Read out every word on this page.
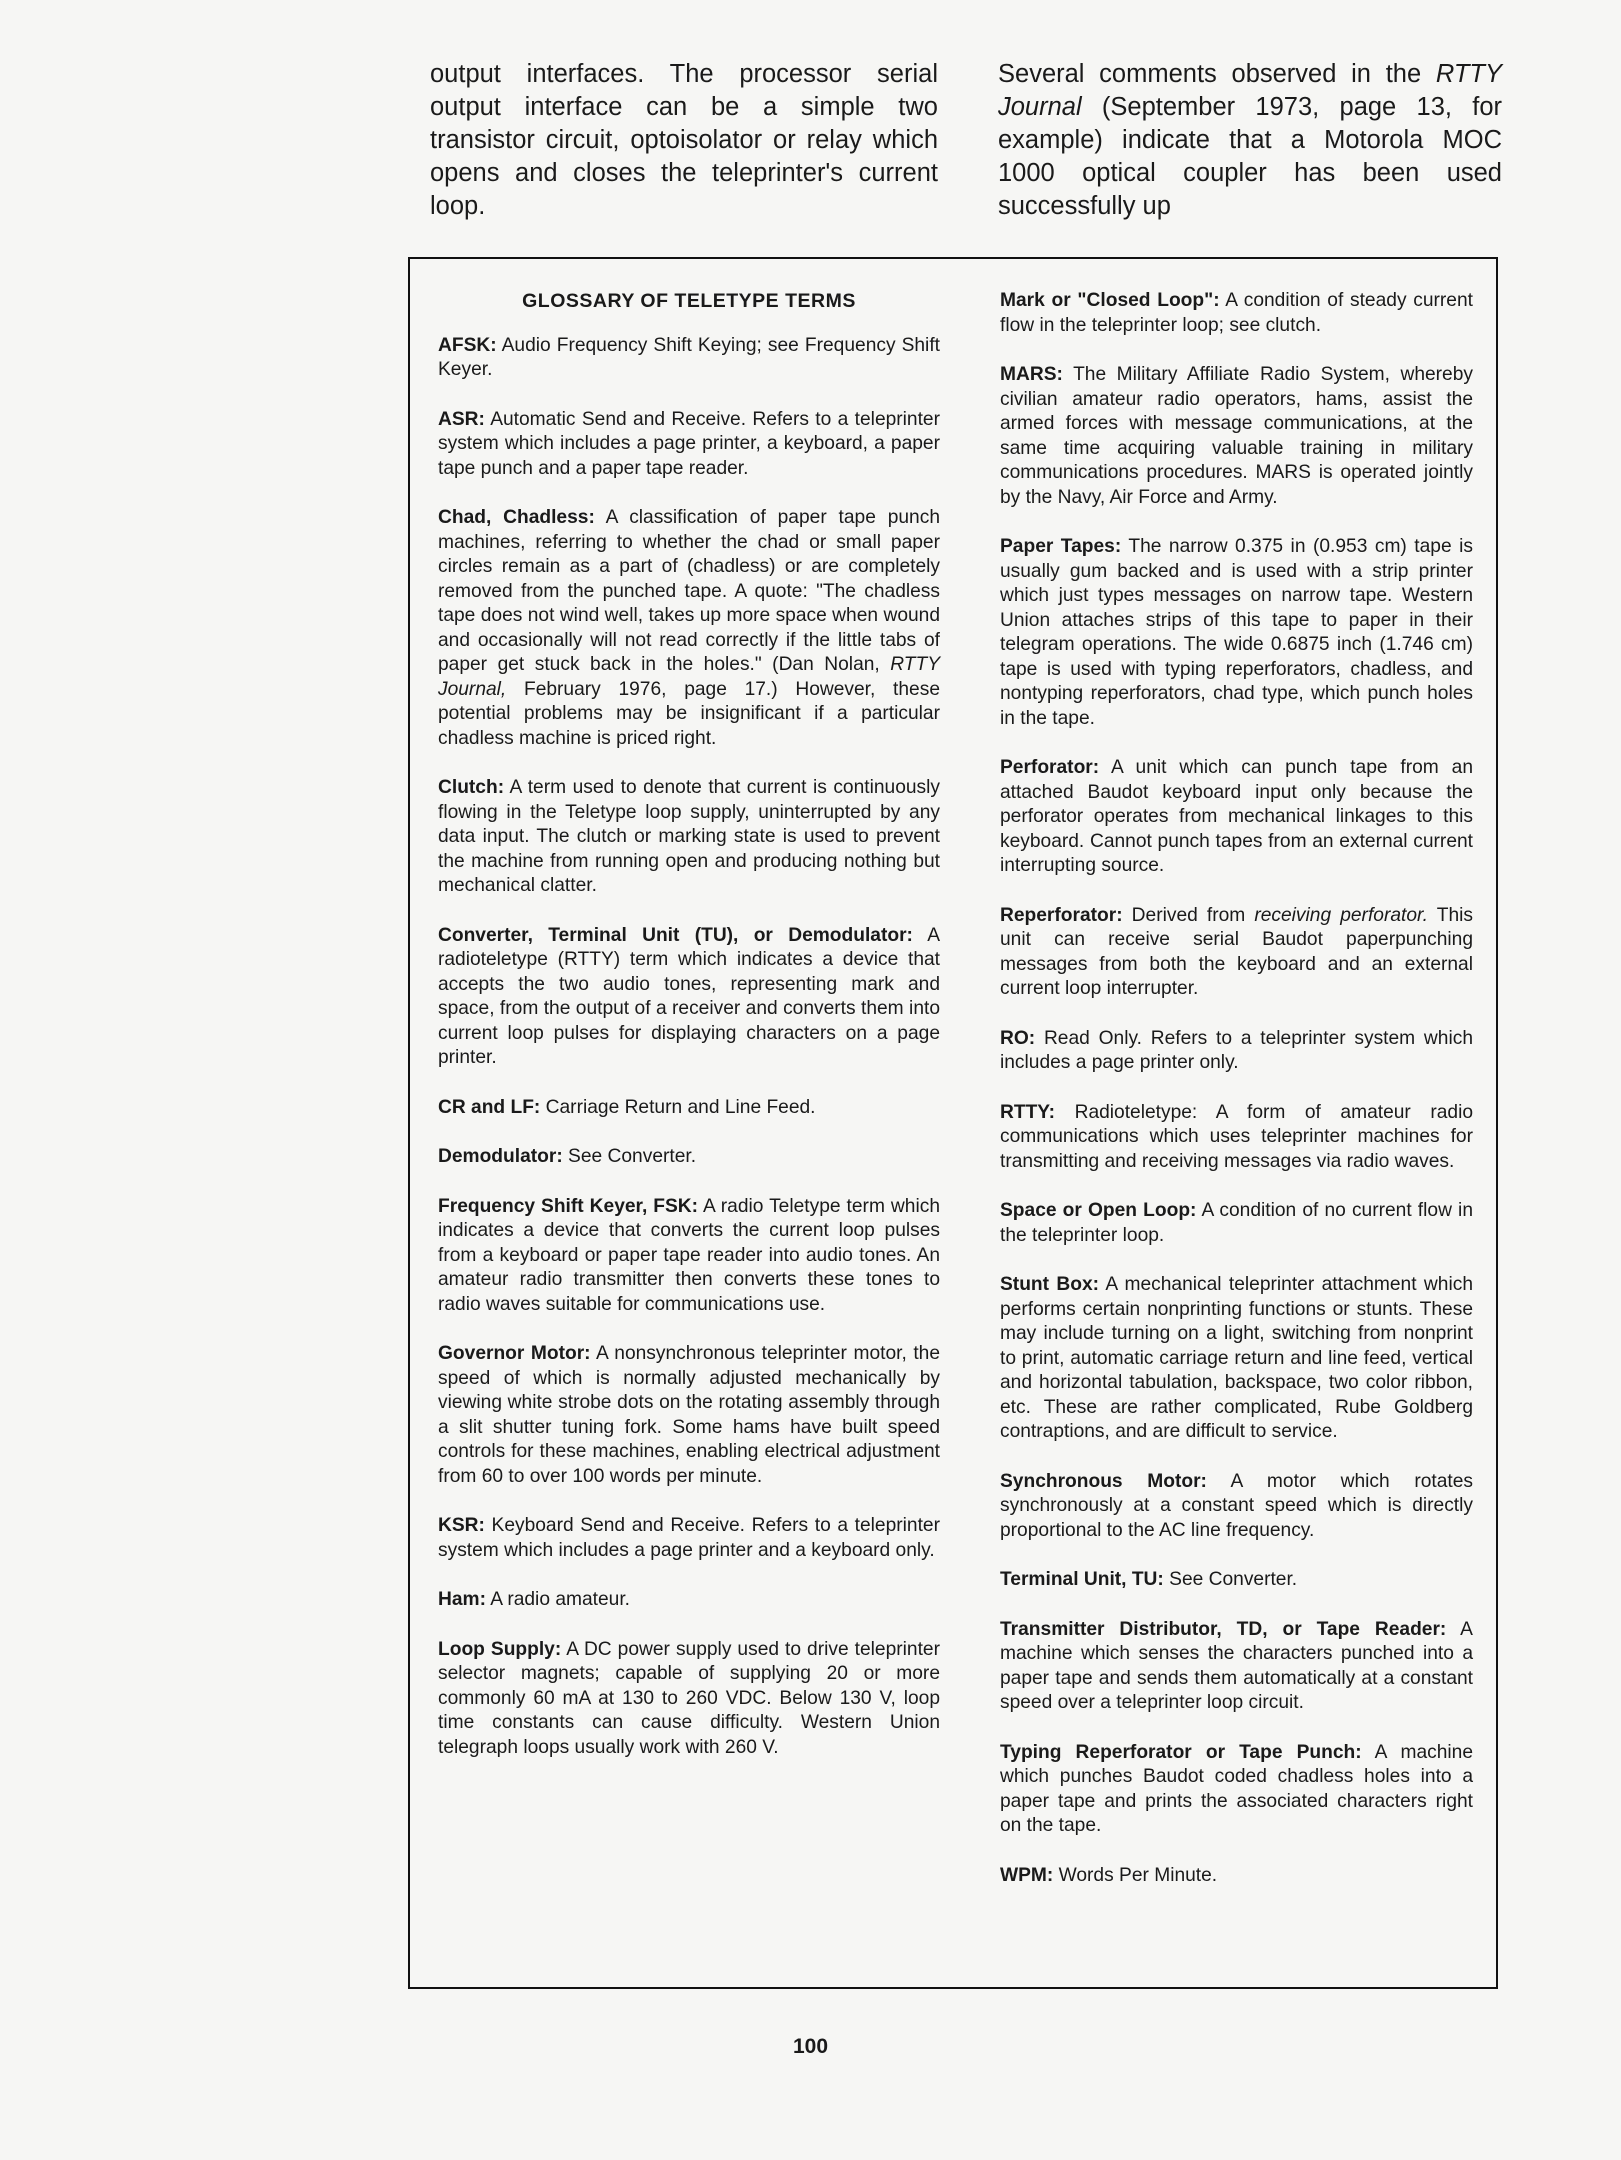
output interfaces. The processor serial output interface can be a simple two transistor circuit, optoisolator or relay which opens and closes the teleprinter's current loop.
Several comments observed in the RTTY Journal (September 1973, page 13, for example) indicate that a Motorola MOC 1000 optical coupler has been used successfully up
GLOSSARY OF TELETYPE TERMS
AFSK: Audio Frequency Shift Keying; see Frequency Shift Keyer.
ASR: Automatic Send and Receive. Refers to a teleprinter system which includes a page printer, a keyboard, a paper tape punch and a paper tape reader.
Chad, Chadless: A classification of paper tape punch machines, referring to whether the chad or small paper circles remain as a part of (chadless) or are completely removed from the punched tape. A quote: "The chadless tape does not wind well, takes up more space when wound and occasionally will not read correctly if the little tabs of paper get stuck back in the holes." (Dan Nolan, RTTY Journal, February 1976, page 17.) However, these potential problems may be insignificant if a particular chadless machine is priced right.
Clutch: A term used to denote that current is continuously flowing in the Teletype loop supply, uninterrupted by any data input. The clutch or marking state is used to prevent the machine from running open and producing nothing but mechanical clatter.
Converter, Terminal Unit (TU), or Demodulator: A radioteletype (RTTY) term which indicates a device that accepts the two audio tones, representing mark and space, from the output of a receiver and converts them into current loop pulses for displaying characters on a page printer.
CR and LF: Carriage Return and Line Feed.
Demodulator: See Converter.
Frequency Shift Keyer, FSK: A radio Teletype term which indicates a device that converts the current loop pulses from a keyboard or paper tape reader into audio tones. An amateur radio transmitter then converts these tones to radio waves suitable for communications use.
Governor Motor: A nonsynchronous teleprinter motor, the speed of which is normally adjusted mechanically by viewing white strobe dots on the rotating assembly through a slit shutter tuning fork. Some hams have built speed controls for these machines, enabling electrical adjustment from 60 to over 100 words per minute.
KSR: Keyboard Send and Receive. Refers to a teleprinter system which includes a page printer and a keyboard only.
Ham: A radio amateur.
Loop Supply: A DC power supply used to drive teleprinter selector magnets; capable of supplying 20 or more commonly 60 mA at 130 to 260 VDC. Below 130 V, loop time constants can cause difficulty. Western Union telegraph loops usually work with 260 V.
Mark or "Closed Loop": A condition of steady current flow in the teleprinter loop; see clutch.
MARS: The Military Affiliate Radio System, whereby civilian amateur radio operators, hams, assist the armed forces with message communications, at the same time acquiring valuable training in military communications procedures. MARS is operated jointly by the Navy, Air Force and Army.
Paper Tapes: The narrow 0.375 in (0.953 cm) tape is usually gum backed and is used with a strip printer which just types messages on narrow tape. Western Union attaches strips of this tape to paper in their telegram operations. The wide 0.6875 inch (1.746 cm) tape is used with typing reperforators, chadless, and nontyping reperforators, chad type, which punch holes in the tape.
Perforator: A unit which can punch tape from an attached Baudot keyboard input only because the perforator operates from mechanical linkages to this keyboard. Cannot punch tapes from an external current interrupting source.
Reperforator: Derived from receiving perforator. This unit can receive serial Baudot paperpunching messages from both the keyboard and an external current loop interrupter.
RO: Read Only. Refers to a teleprinter system which includes a page printer only.
RTTY: Radioteletype: A form of amateur radio communications which uses teleprinter machines for transmitting and receiving messages via radio waves.
Space or Open Loop: A condition of no current flow in the teleprinter loop.
Stunt Box: A mechanical teleprinter attachment which performs certain nonprinting functions or stunts. These may include turning on a light, switching from nonprint to print, automatic carriage return and line feed, vertical and horizontal tabulation, backspace, two color ribbon, etc. These are rather complicated, Rube Goldberg contraptions, and are difficult to service.
Synchronous Motor: A motor which rotates synchronously at a constant speed which is directly proportional to the AC line frequency.
Terminal Unit, TU: See Converter.
Transmitter Distributor, TD, or Tape Reader: A machine which senses the characters punched into a paper tape and sends them automatically at a constant speed over a teleprinter loop circuit.
Typing Reperforator or Tape Punch: A machine which punches Baudot coded chadless holes into a paper tape and prints the associated characters right on the tape.
WPM: Words Per Minute.
100
